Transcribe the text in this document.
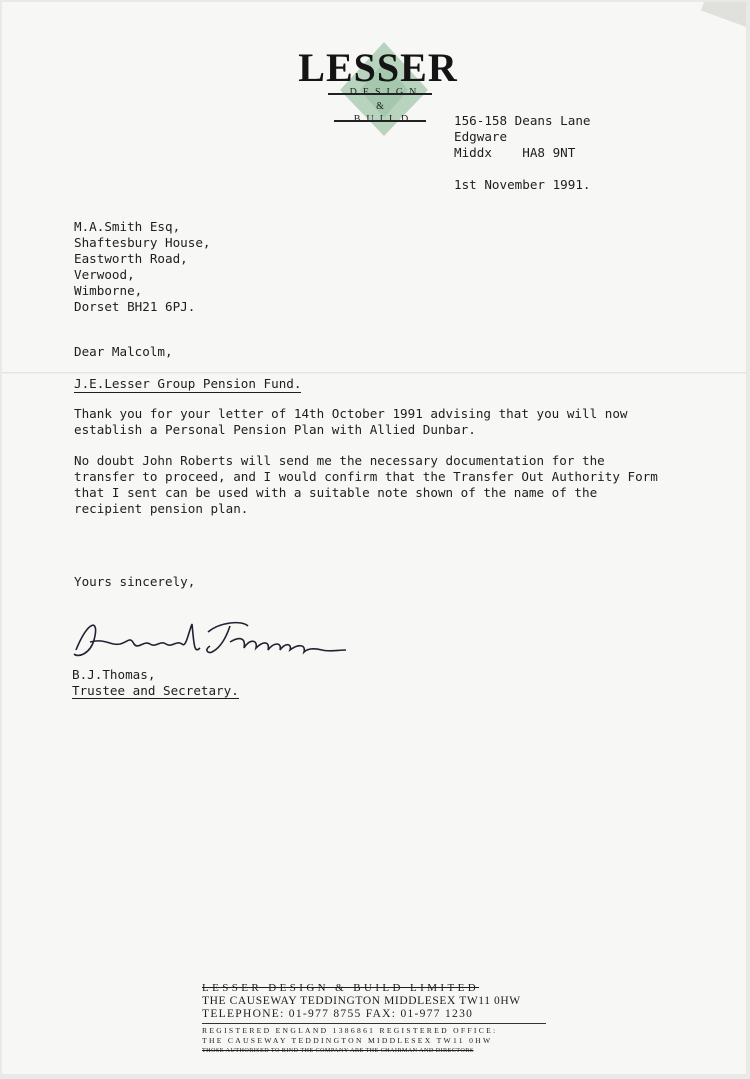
LESSER
&
156-158 Deans Lane
Edgware
Middx    HA8 9NT
1st November 1991.
M.A.Smith Esq,
Shaftesbury House,
Eastworth Road,
Verwood,
Wimborne,
Dorset BH21 6PJ.
Dear Malcolm,
J.E.Lesser Group Pension Fund.
Thank you for your letter of 14th October 1991 advising that you will now
establish a Personal Pension Plan with Allied Dunbar.
No doubt John Roberts will send me the necessary documentation for the
transfer to proceed, and I would confirm that the Transfer Out Authority Form
that I sent can be used with a suitable note shown of the name of the
recipient pension plan.
Yours sincerely,
B.J.Thomas,
Trustee and Secretary.
LESSER DESIGN & BUILD LIMITED
THE CAUSEWAY TEDDINGTON MIDDLESEX TW11 0HW
TELEPHONE: 01-977 8755 FAX: 01-977 1230
REGISTERED ENGLAND 1386861 REGISTERED OFFICE:
THE CAUSEWAY TEDDINGTON MIDDLESEX TW11 0HW
THOSE AUTHORISED TO BIND THE COMPANY ARE THE CHAIRMAN AND DIRECTORS
